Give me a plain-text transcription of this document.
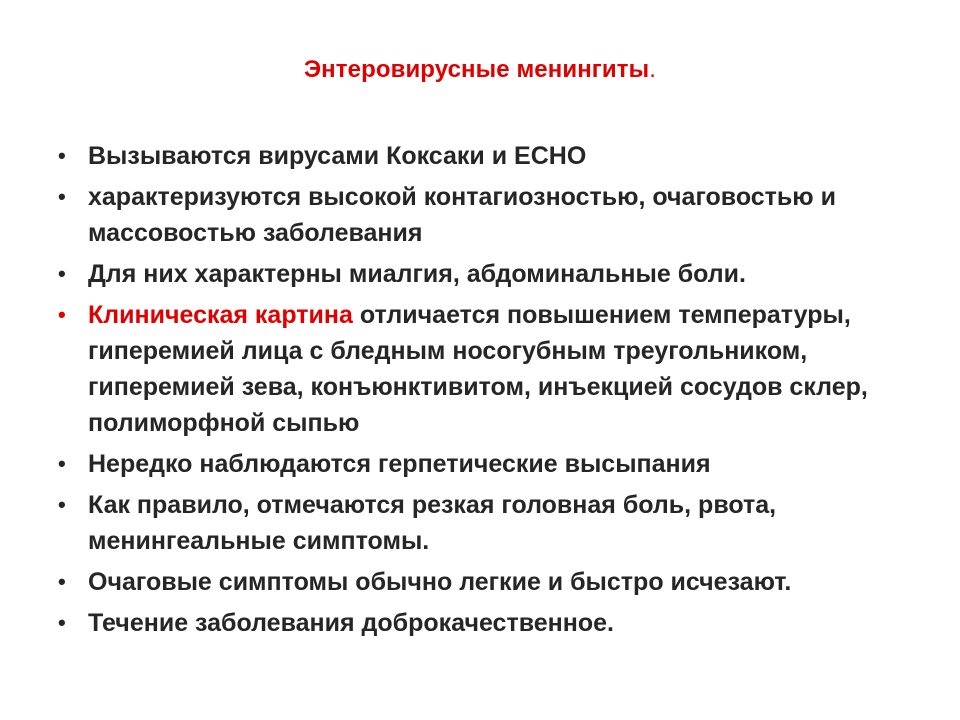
Энтеровирусные менингиты.
• Вызываются вирусами Коксаки и ЕСНО
• характеризуются высокой контагиозностью, очаговостью и массовостью заболевания
• Для них характерны миалгия, абдоминальные боли.
• Клиническая картина отличается повышением температуры, гиперемией лица с бледным носогубным треугольником, гиперемией зева, конъюнктивитом, инъекцией сосудов склер, полиморфной сыпью
• Нередко наблюдаются герпетические высыпания
• Как правило, отмечаются резкая головная боль, рвота, менингеальные симптомы.
• Очаговые симптомы обычно легкие и быстро исчезают.
• Течение заболевания доброкачественное.
